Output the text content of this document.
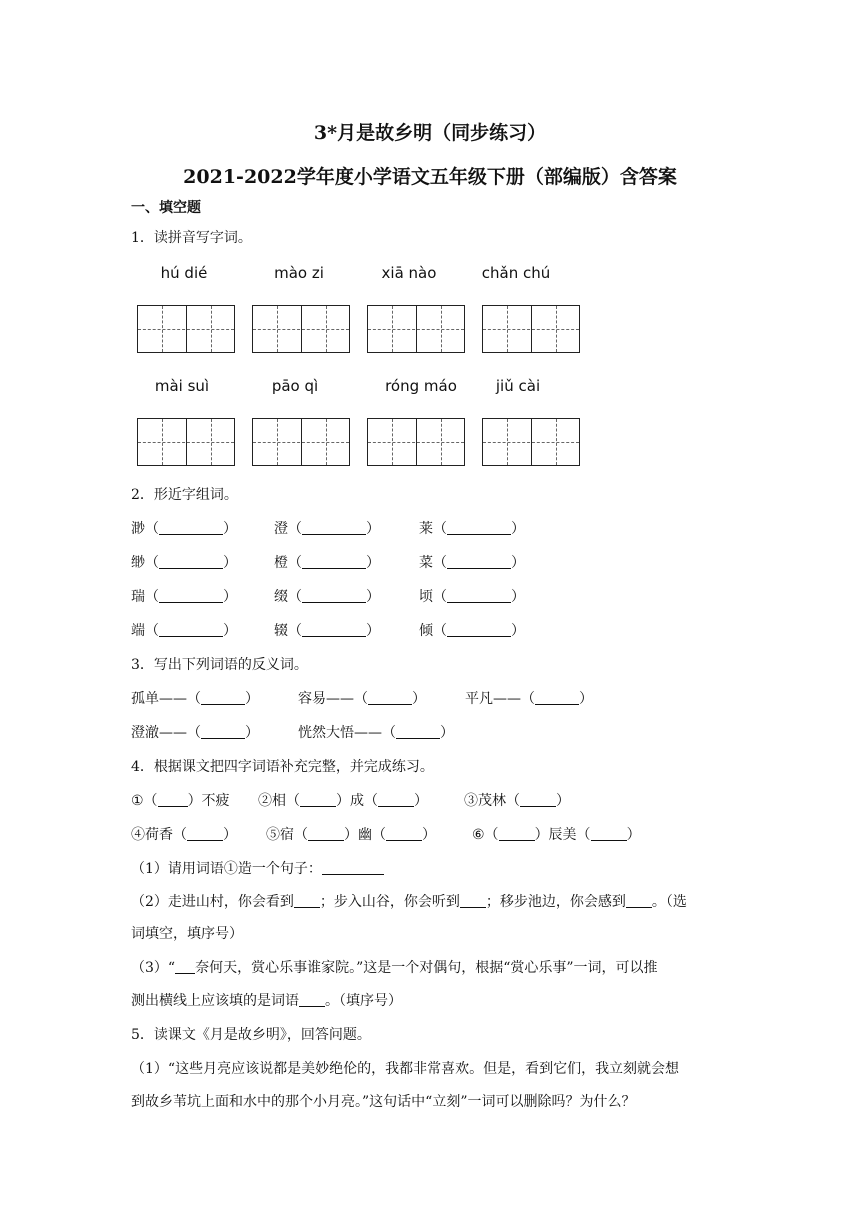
3*月是故乡明（同步练习）
2021-2022学年度小学语文五年级下册（部编版）含答案
一、填空题
1．读拼音写字词。
hú dié	mào zi	xiā nào	chǎn chú
mài suì	pāo qì	róng máo	jiǔ cài
2．形近字组词。
渺（	）	澄（	）	莱（	）
缈（	）	橙（	）	菜（	）
瑞（	）	缀（	）	顷（	）
端（	）	辍（	）	倾（	）
3．写出下列词语的反义词。
孤单——（	）	容易——（	）	平凡——（	）
澄澈——（	）	恍然大悟——（	）
4．根据课文把四字词语补充完整，并完成练习。
①（ ）不疲 ②相（	）成（	）	③茂林（	）
④荷香（	） ⑤宿（	）幽（	）	⑥（	）辰美（	）
（1）请用词语①造一个句子：
（2）走进山村，你会看到 ；步入山谷，你会听到 ；移步池边，你会感到 。（选
词填空，填序号）
（3）“ 奈何天，赏心乐事谁家院。”这是一个对偶句，根据“赏心乐事”一词，可以推
测出横线上应该填的是词语 。（填序号）
5．读课文《月是故乡明》，回答问题。
（1）“这些月亮应该说都是美妙绝伦的，我都非常喜欢。但是，看到它们，我立刻就会想
到故乡苇坑上面和水中的那个小月亮。”这句话中“立刻”一词可以删除吗？为什么？
